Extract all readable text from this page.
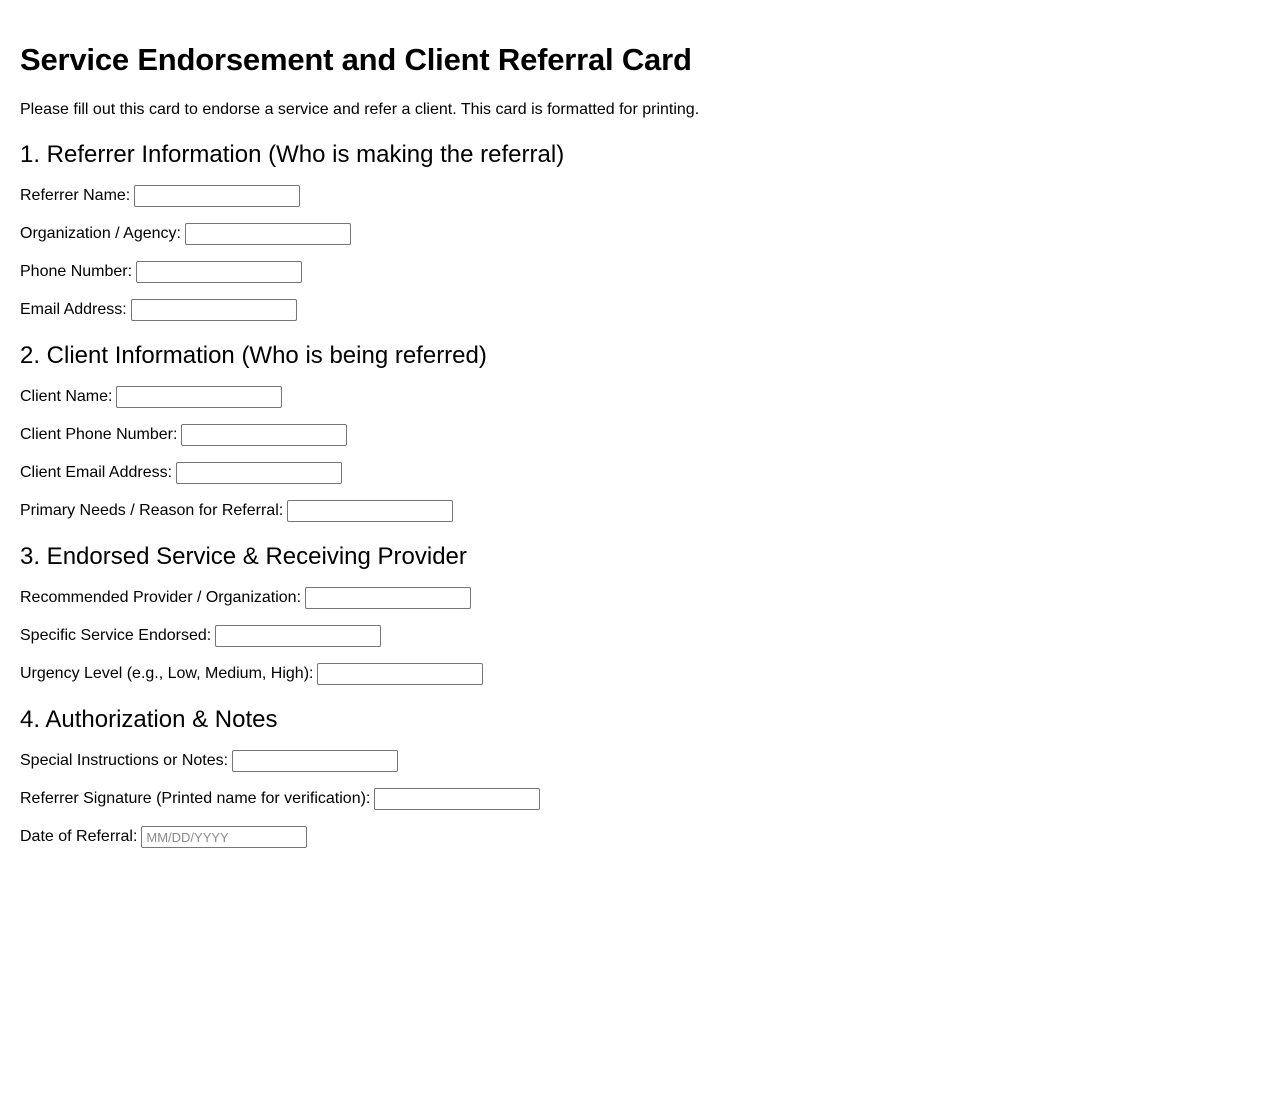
Service Endorsement and Client Referral Card

Please fill out this card to endorse a service and refer a client. This card is formatted for printing.

1. Referrer Information (Who is making the referral)
Referrer Name:
Organization / Agency:
Phone Number:
Email Address:
2. Client Information (Who is being referred)
Client Name:
Client Phone Number:
Client Email Address:
Primary Needs / Reason for Referral:
3. Endorsed Service & Receiving Provider
Recommended Provider / Organization:
Specific Service Endorsed:
Urgency Level (e.g., Low, Medium, High):
4. Authorization & Notes
Special Instructions or Notes:
Referrer Signature (Printed name for verification):
Date of Referral:
MM/DD/YYYY
